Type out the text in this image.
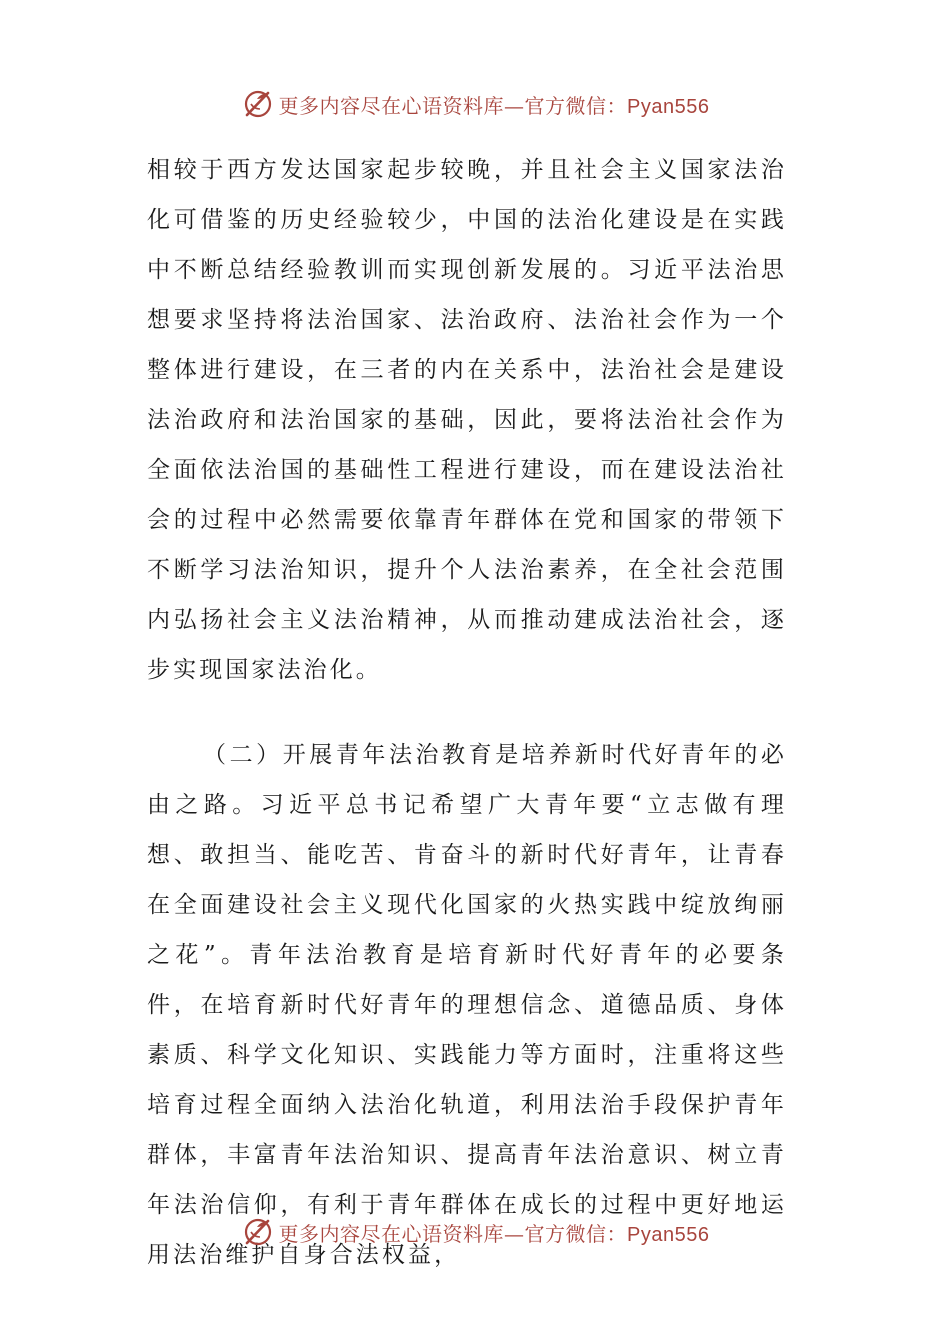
更多内容尽在心语资料库—官方微信：Pyan556

相较于西方发达国家起步较晚，并且社会主义国家法治化可借鉴的历史经验较少，中国的法治化建设是在实践中不断总结经验教训而实现创新发展的。习近平法治思想要求坚持将法治国家、法治政府、法治社会作为一个整体进行建设，在三者的内在关系中，法治社会是建设法治政府和法治国家的基础，因此，要将法治社会作为全面依法治国的基础性工程进行建设，而在建设法治社会的过程中必然需要依靠青年群体在党和国家的带领下不断学习法治知识，提升个人法治素养，在全社会范围内弘扬社会主义法治精神，从而推动建成法治社会，逐步实现国家法治化。

（二）开展青年法治教育是培养新时代好青年的必由之路。习近平总书记希望广大青年要“立志做有理想、敢担当、能吃苦、肯奋斗的新时代好青年，让青春在全面建设社会主义现代化国家的火热实践中绽放绚丽之花”。青年法治教育是培育新时代好青年的必要条件，在培育新时代好青年的理想信念、道德品质、身体素质、科学文化知识、实践能力等方面时，注重将这些培育过程全面纳入法治化轨道，利用法治手段保护青年群体，丰富青年法治知识、提高青年法治意识、树立青年法治信仰，有利于青年群体在成长的过程中更好地运用法治维护自身合法权益，

更多内容尽在心语资料库—官方微信：Pyan556
